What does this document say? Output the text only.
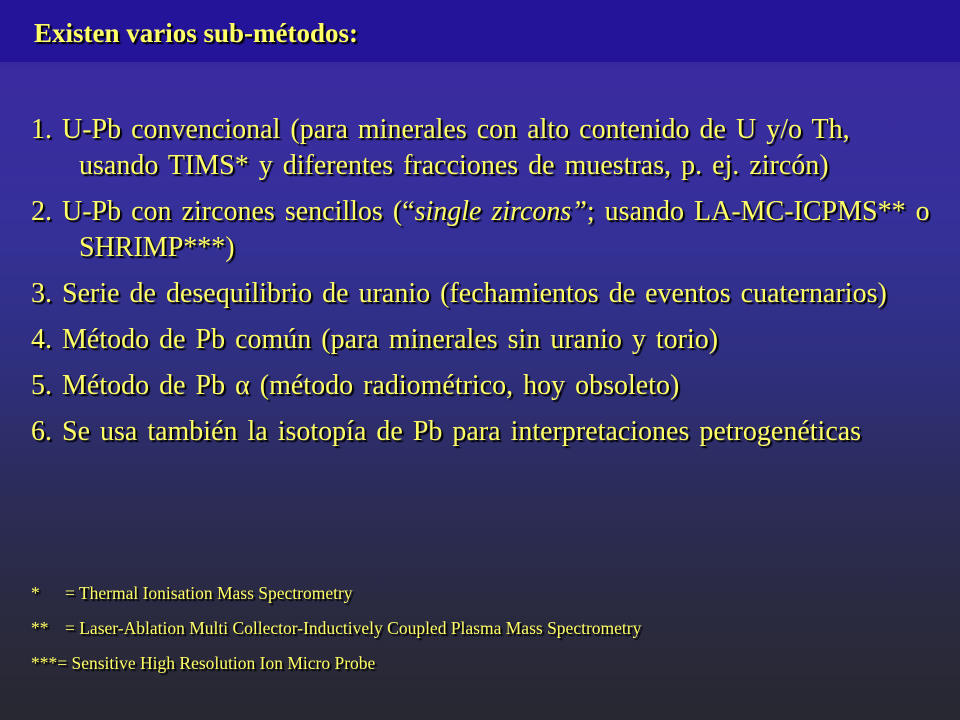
Existen varios sub-métodos:
1. U-Pb convencional (para minerales con alto contenido de U y/o Th, usando TIMS* y diferentes fracciones de muestras, p. ej. zircón)
2. U-Pb con zircones sencillos (“single zircons”; usando LA-MC-ICPMS** o SHRIMP***)
3. Serie de desequilibrio de uranio (fechamientos de eventos cuaternarios)
4. Método de Pb común (para minerales sin uranio y torio)
5. Método de Pb α (método radiométrico, hoy obsoleto)
6. Se usa también la isotopía de Pb para interpretaciones petrogenéticas
* = Thermal Ionisation Mass Spectrometry
** = Laser-Ablation Multi Collector-Inductively Coupled Plasma Mass Spectrometry
***= Sensitive High Resolution Ion Micro Probe
